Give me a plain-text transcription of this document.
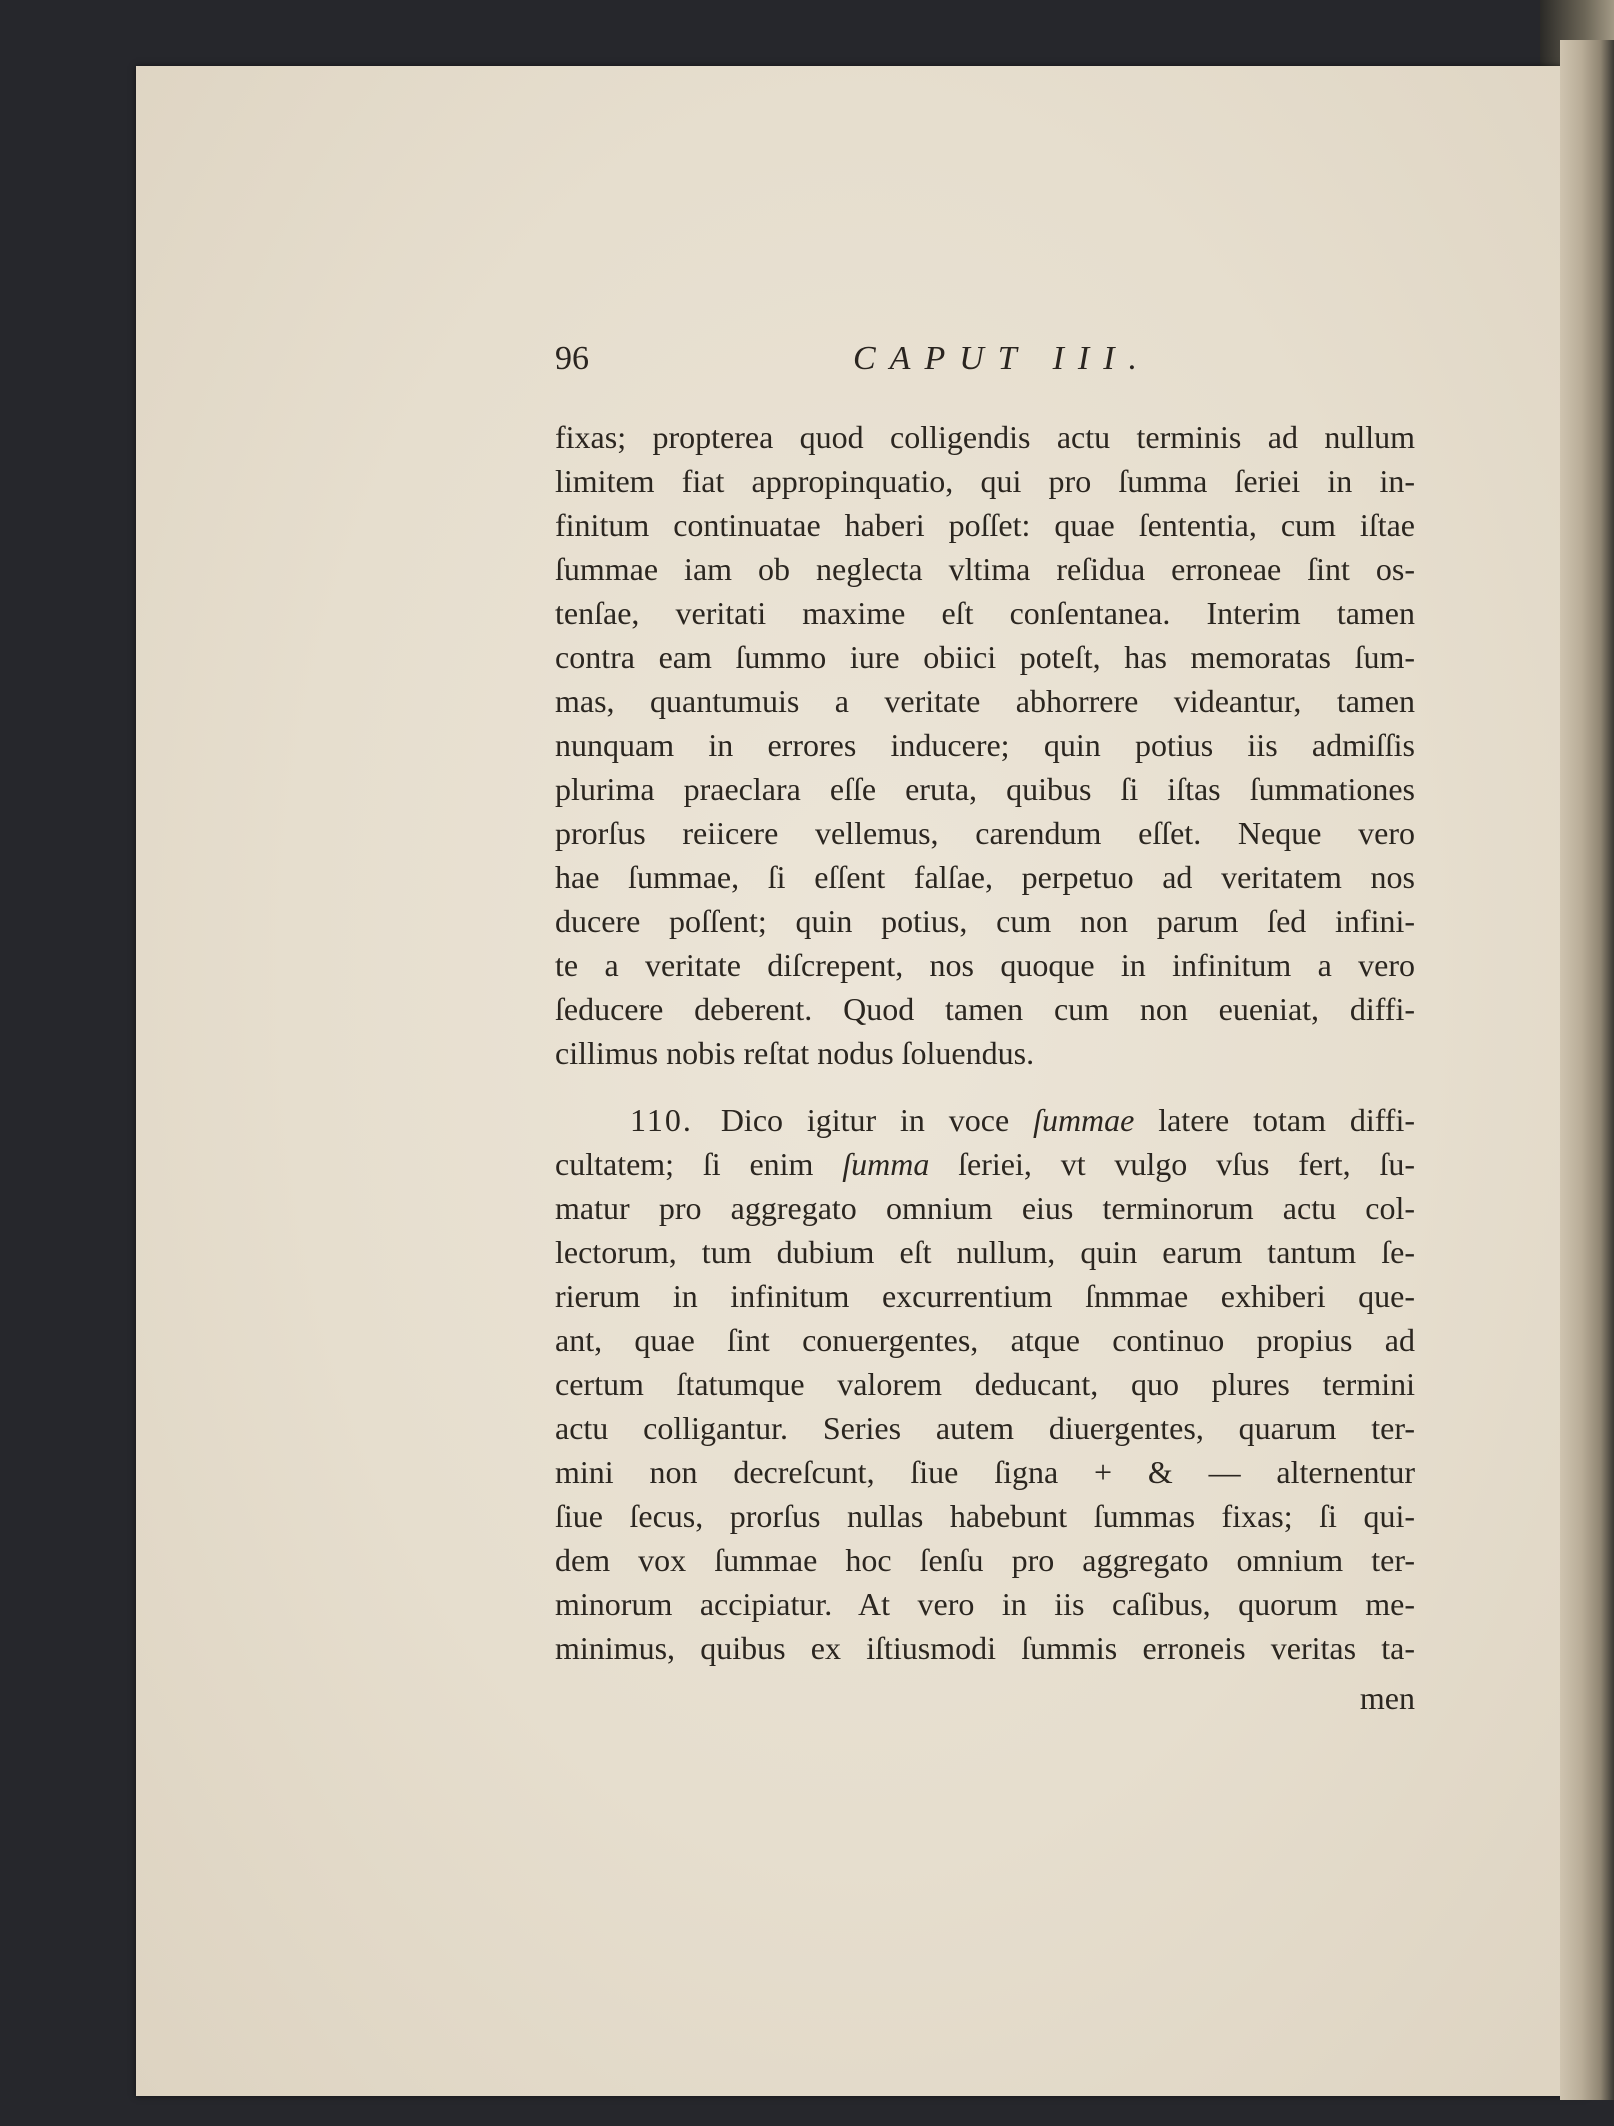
96	CAPUT III.
fixas; propterea quod colligendis actu terminis ad nullum
limitem fiat appropinquatio, qui pro ſumma ſeriei in in-
finitum continuatae haberi poſſet: quae ſententia, cum iſtae
ſummae iam ob neglecta vltima reſidua erroneae ſint os-
tenſae, veritati maxime eſt conſentanea. Interim tamen
contra eam ſummo iure obiici poteſt, has memoratas ſum-
mas, quantumuis a veritate abhorrere videantur, tamen
nunquam in errores inducere; quin potius iis admiſſis
plurima praeclara eſſe eruta, quibus ſi iſtas ſummationes
prorſus reiicere vellemus, carendum eſſet. Neque vero
hae ſummae, ſi eſſent falſae, perpetuo ad veritatem nos
ducere poſſent; quin potius, cum non parum ſed infini-
te a veritate diſcrepent, nos quoque in infinitum a vero
ſeducere deberent. Quod tamen cum non eueniat, diffi-
cillimus nobis reſtat nodus ſoluendus.
110. Dico igitur in voce ſummae latere totam diffi-
cultatem; ſi enim ſumma ſeriei, vt vulgo vſus fert, ſu-
matur pro aggregato omnium eius terminorum actu col-
lectorum, tum dubium eſt nullum, quin earum tantum ſe-
rierum in infinitum excurrentium ſnmmae exhiberi que-
ant, quae ſint conuergentes, atque continuo propius ad
certum ſtatumque valorem deducant, quo plures termini
actu colligantur. Series autem diuergentes, quarum ter-
mini non decreſcunt, ſiue ſigna + & — alternentur
ſiue ſecus, prorſus nullas habebunt ſummas fixas; ſi qui-
dem vox ſummae hoc ſenſu pro aggregato omnium ter-
minorum accipiatur. At vero in iis caſibus, quorum me-
minimus, quibus ex iſtiusmodi ſummis erroneis veritas ta-
men
